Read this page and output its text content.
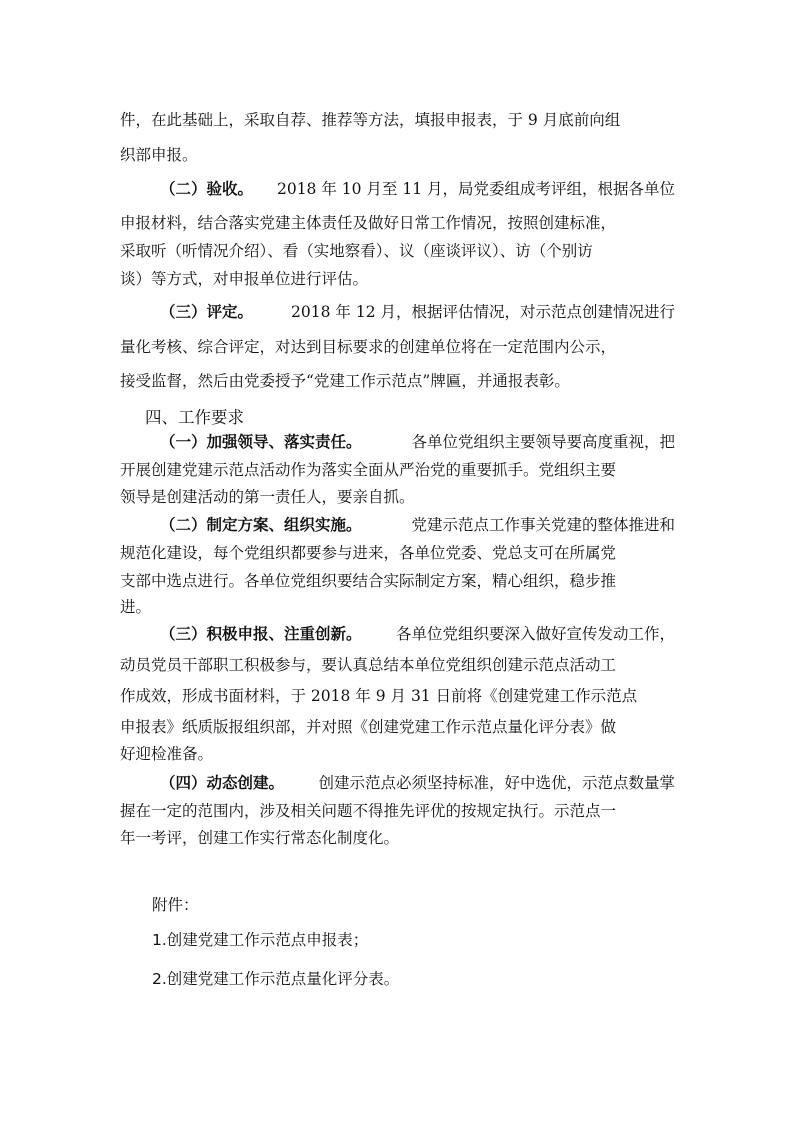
件，在此基础上，采取自荐、推荐等方法，填报申报表，于 9 月底前向组
织部申报。
（二）验收。 2018 年 10 月至 11 月，局党委组成考评组，根据各单位
申报材料，结合落实党建主体责任及做好日常工作情况，按照创建标准，
采取听（听情况介绍）、看（实地察看）、议（座谈评议）、访（个别访
谈）等方式，对申报单位进行评估。
（三）评定。 2018 年 12 月，根据评估情况，对示范点创建情况进行
量化考核、综合评定，对达到目标要求的创建单位将在一定范围内公示，
接受监督，然后由党委授予“党建工作示范点”牌匾，并通报表彰。
四、工作要求
（一）加强领导、落实责任。	各单位党组织主要领导要高度重视，把
开展创建党建示范点活动作为落实全面从严治党的重要抓手。党组织主要
领导是创建活动的第一责任人，要亲自抓。
（二）制定方案、组织实施。	党建示范点工作事关党建的整体推进和
规范化建设，每个党组织都要参与进来，各单位党委、党总支可在所属党
支部中选点进行。各单位党组织要结合实际制定方案，精心组织，稳步推
进。
（三）积极申报、注重创新。 各单位党组织要深入做好宣传发动工作，
动员党员干部职工积极参与，要认真总结本单位党组织创建示范点活动工
作成效，形成书面材料，于 2018 年 9 月 31 日前将《创建党建工作示范点
申报表》纸质版报组织部，并对照《创建党建工作示范点量化评分表》做
好迎检准备。
（四）动态创建。 创建示范点必须坚持标准，好中选优，示范点数量掌
握在一定的范围内，涉及相关问题不得推先评优的按规定执行。示范点一
年一考评，创建工作实行常态化制度化。
附件：
1.创建党建工作示范点申报表；
2.创建党建工作示范点量化评分表。
